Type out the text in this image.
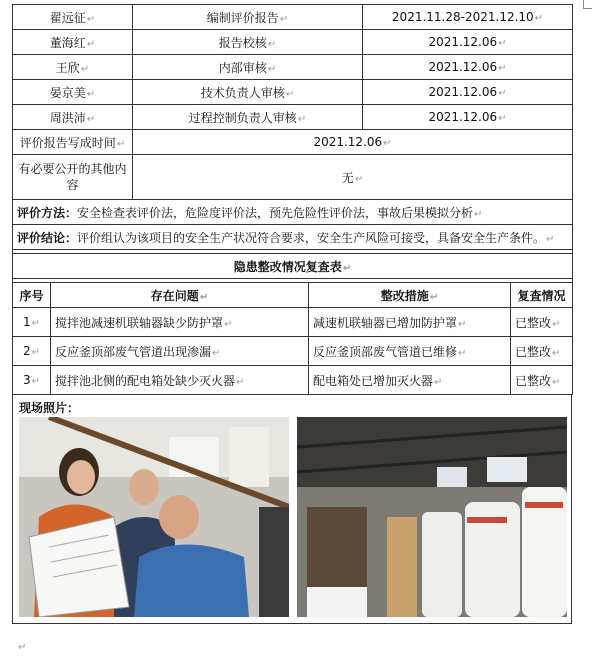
翟远征↵	编制评价报告↵	2021.11.28-2021.12.10↵
董海红↵	报告校核↵	2021.12.06↵
王欣↵	内部审核↵	2021.12.06↵
晏京美↵	技术负责人审核↵	2021.12.06↵
周洪沛↵	过程控制负责人审核↵	2021.12.06↵
评价报告写成时间↵	2021.12.06↵	
有必要公开的其他内容	无↵	
评价方法：安全检查表评价法，危险度评价法，预先危险性评价法，事故后果模拟分析↵		
评价结论：评价组认为该项目的安全生产状况符合要求，安全生产风险可接受，具备安全生产条件。↵		

隐患整改情况复查表↵			

序号	存在问题↵	整改措施↵	复查情况
1↵	搅拌池减速机联轴器缺少防护罩↵	减速机联轴器已增加防护罩↵	已整改↵
2↵	反应釜顶部废气管道出现渗漏↵	反应釜顶部废气管道已维修↵	已整改↵
3↵	搅拌池北侧的配电箱处缺少灭火器↵	配电箱处已增加灭火器↵	已整改↵
现场照片：
↵
